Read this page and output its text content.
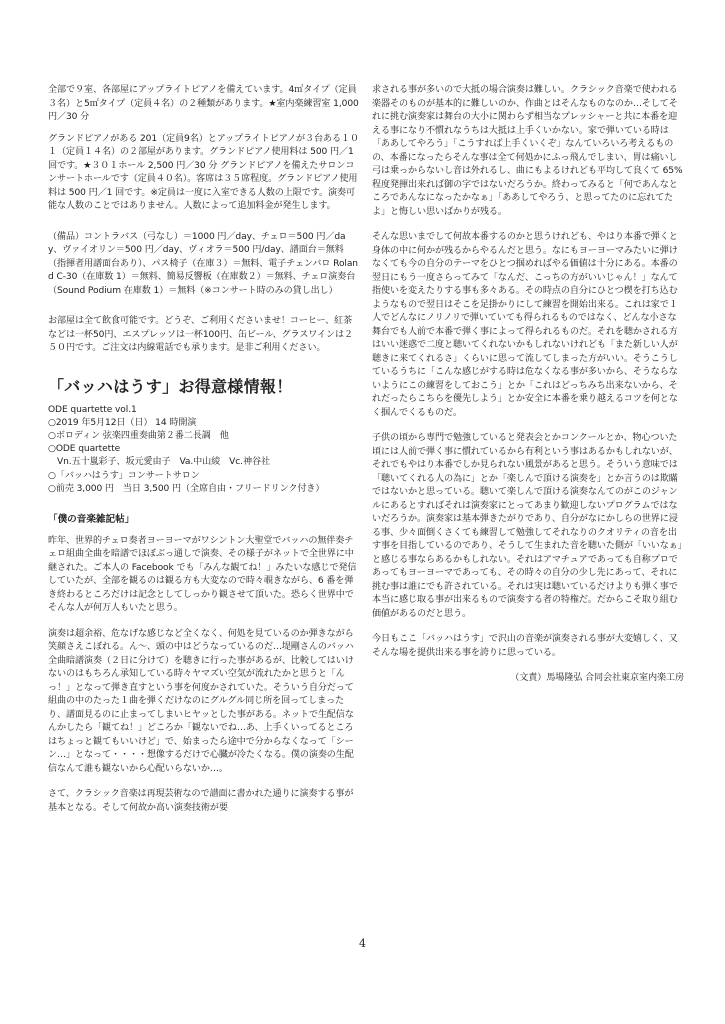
全部で９室、各部屋にアップライトピアノを備えています。4㎡タイプ（定員３名）と5㎡タイプ（定員４名）の２種類があります。★室内楽練習室 1,000 円／30 分

グランドピアノがある 201（定員9名）とアップライトピアノが３台ある１０１（定員１４名）の２部屋があります。グランドピアノ使用料は 500 円／1 回です。★３０１ホール 2,500 円／30 分 グランドピアノを備えたサロンコンサートホールです（定員４０名）。客席は３５席程度。グランドピアノ使用料は 500 円／1 回です。※定員は一度に入室できる人数の上限です。演奏可能な人数のことではありません。人数によって追加料金が発生します。

（備品）コントラバス（弓なし）＝1000 円／day、チェロ＝500 円／day、ヴァイオリン＝500 円／day、ヴィオラ＝500 円/day、譜面台＝無料（指揮者用譜面台あり）、パス椅子（在庫３）＝無料、電子チェンバロ Roland C-30（在庫数 1）＝無料、簡易反響板（在庫数２）＝無料、チェロ演奏台（Sound Podium 在庫数 1）＝無料（※コンサート時のみの貸し出し）

お部屋は全て飲食可能です。どうぞ、ご利用くださいませ！コーヒー、紅茶などは一杯50円、エスプレッソは一杯100円、缶ビール、グラスワインは２５０円です。ご注文は内線電話でも承ります。是非ご利用ください。

「バッハはうす」お得意様情報！

ODE quartette vol.1

○2019 年5月12日（日） 14 時開演

○ボロディン 弦楽四重奏曲第２番二長調　他

○ODE quartette

　Vn.五十嵐彩子、坂元愛由子　Va.中山綾　Vc.神谷社

○「バッハはうす」コンサートサロン

○前売 3,000 円　当日 3,500 円（全席自由・フリードリンク付き）

「僕の音楽雑記帖」

昨年、世界的チェロ奏者ヨーヨーマがワシントン大聖堂でバッハの無伴奏チェロ組曲全曲を暗譜でほぼぶっ通しで演奏、その様子がネットで全世界に中継された。ご本人の Facebook でも「みんな観てね！」みたいな感じで発信していたが、全部を観るのは観る方も大変なので時々覗きながら、6 番を弾き終わるところだけは記念としてしっかり観させて頂いた。恐らく世界中でそんな人が何万人もいたと思う。

演奏は超余裕、危なげな感じなど全くなく、何処を見ているのか弾きながら笑顔さえこぼれる。ん～、頭の中はどうなっているのだ…堤剛さんのバッハ全曲暗譜演奏（２日に分けて）を聴きに行った事があるが、比較してはいけないのはもちろん承知している時々ヤマズい空気が流れたかと思うと「んっ！」となって弾き直すという事を何度かされていた。そういう自分だって組曲の中のたった１曲を弾くだけなのにグルグル同じ所を回ってしまったり、譜面見るのに止まってしまいヒヤッとした事がある。ネットで生配信なんかしたら「観てね！」どころか「観ないでね…あ、上手くいってるところはちょっと観てもいいけど」で、始まったら途中で分からなくなって「シーン…」となって・・・・想像するだけで心臓が冷たくなる。僕の演奏の生配信なんて誰も観ないから心配いらないか…。

さて、クラシック音楽は再現芸術なので譜面に書かれた通りに演奏する事が基本となる。そして何故か高い演奏技術が要

求される事が多いので大抵の場合演奏は難しい。クラシック音楽で使われる楽器そのものが基本的に難しいのか、作曲とはそんなものなのか…そしてそれに挑む演奏家は舞台の大小に関わらず相当なプレッシャーと共に本番を迎える事になり不慣れなうちは大抵は上手くいかない。家で弾いている時は「ああしてやろう」「こうすれば上手くいくぞ」なんていろいろ考えるものの、本番になったらそんな事は全て何処かにふっ飛んでしまい、胃は痛いし弓は乗っからないし音は外れるし、曲にもよるけれども平均して良くて 65%程度発揮出来れば御の字ではないだろうか。終わってみると「何であんなところであんなになったかなぁ」「ああしてやろう、と思ってたのに忘れてたよ」と悔しい思いばかりが残る。

そんな思いまでして何故本番するのかと思うけれども、やはり本番で弾くと身体の中に何かが残るからやるんだと思う。なにもヨーヨーマみたいに弾けなくても今の自分のテーマをひとつ掴めればやる価値は十分にある。本番の翌日にもう一度さらってみて「なんだ、こっちの方がいいじゃん！」なんて指使いを変えたりする事も多々ある。その時点の自分にひとつ楔を打ち込むようなもので翌日はそこを足掛かりにして練習を開始出来る。これは家で１人でどんなにノリノリで弾いていても得られるものではなく、どんな小さな舞台でも人前で本番で弾く事によって得られるものだ。それを聴かされる方はいい迷惑で二度と聴いてくれないかもしれないけれども「また新しい人が聴きに来てくれるさ」くらいに思って流してしまった方がいい。そうこうしているうちに「こんな感じがする時は危なくなる事が多いから、そうならないようにこの練習をしておこう」とか「これはどっちみち出来ないから、それだったらこちらを優先しよう」とか安全に本番を乗り越えるコツを何となく掴んでくるものだ。

子供の頃から専門で勉強していると発表会とかコンクールとか、物心ついた頃には人前で弾く事に慣れているから有利という事はあるかもしれないが、それでもやはり本番でしか見られない風景があると思う。そういう意味では「聴いてくれる人の為に」とか「楽しんで頂ける演奏を」とか言うのは欺瞞ではないかと思っている。聴いて楽しんで頂ける演奏なんてのがこのジャンルにあるとすればそれは演奏家にとってあまり歓迎しないプログラムではないだろうか。演奏家は基本弾きたがりであり、自分がなにかしらの世界に浸る事、少々面倒くさくても練習して勉強してそれなりのクオリティの音を出す事を目指しているのであり、そうして生まれた音を聴いた側が「いいなぁ」と感じる事ならあるかもしれない。それはアマチュアであっても自称プロであってもヨーヨーマであっても、その時々の自分の少し先にあって、それに挑む事は誰にでも許されている。それは実は聴いているだけよりも弾く事で本当に感じ取る事が出来るもので演奏する者の特権だ。だからこそ取り組む価値があるのだと思う。

今日もここ「バッハはうす」で沢山の音楽が演奏される事が大変嬉しく、又そんな場を提供出来る事を誇りに思っている。

（文責）馬場隆弘 合同会社東京室内楽工房

4
